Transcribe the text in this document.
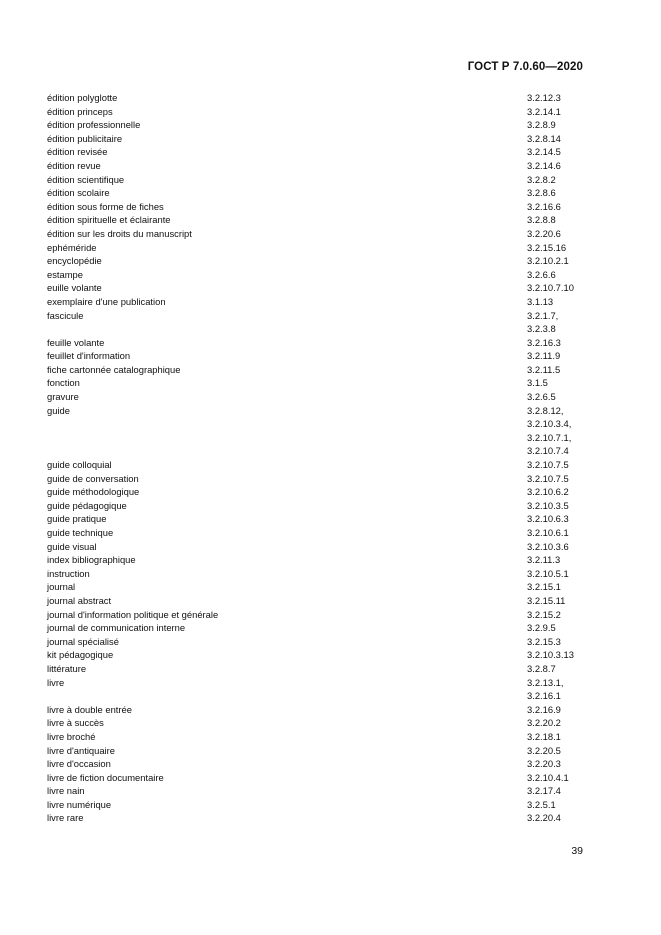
ГОСТ Р 7.0.60—2020
édition polyglotte	3.2.12.3
édition princeps	3.2.14.1
édition professionnelle	3.2.8.9
édition publicitaire	3.2.8.14
édition revisée	3.2.14.5
édition revue	3.2.14.6
édition scientifique	3.2.8.2
édition scolaire	3.2.8.6
édition sous forme de fiches	3.2.16.6
édition spirituelle et éclairante	3.2.8.8
édition sur les droits du manuscript	3.2.20.6
ephéméride	3.2.15.16
encyclopédie	3.2.10.2.1
estampe	3.2.6.6
euille volante	3.2.10.7.10
exemplaire d'une publication	3.1.13
fascicule	3.2.1.7,
3.2.3.8
feuille volante	3.2.16.3
feuillet d'information	3.2.11.9
fiche cartonnée catalographique	3.2.11.5
fonction	3.1.5
gravure	3.2.6.5
guide	3.2.8.12,
3.2.10.3.4,
3.2.10.7.1,
3.2.10.7.4
guide colloquial	3.2.10.7.5
guide de conversation	3.2.10.7.5
guide méthodologique	3.2.10.6.2
guide pédagogique	3.2.10.3.5
guide pratique	3.2.10.6.3
guide technique	3.2.10.6.1
guide visual	3.2.10.3.6
index bibliographique	3.2.11.3
instruction	3.2.10.5.1
journal	3.2.15.1
journal abstract	3.2.15.11
journal d'information politique et générale	3.2.15.2
journal de communication interne	3.2.9.5
journal spécialisé	3.2.15.3
kit pédagogique	3.2.10.3.13
littérature	3.2.8.7
livre	3.2.13.1,
3.2.16.1
livre à double entrée	3.2.16.9
livre à succès	3.2.20.2
livre broché	3.2.18.1
livre d'antiquaire	3.2.20.5
livre d'occasion	3.2.20.3
livre de fiction documentaire	3.2.10.4.1
livre nain	3.2.17.4
livre numérique	3.2.5.1
livre rare	3.2.20.4
39
